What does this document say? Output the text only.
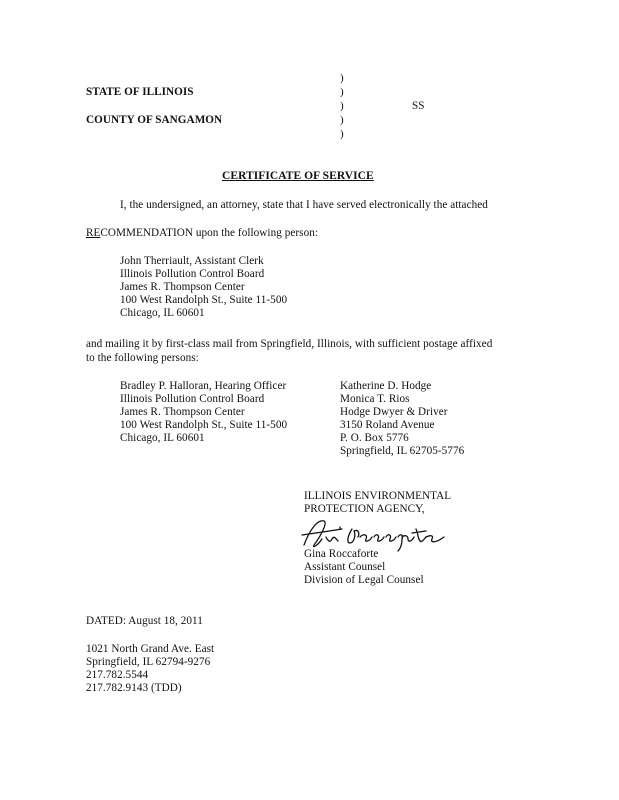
)
)
)
)
)
STATE OF ILLINOIS
COUNTY OF SANGAMON
SS
CERTIFICATE OF SERVICE
I, the undersigned, an attorney, state that I have served electronically the attached
RECOMMENDATION upon the following person:
John Therriault, Assistant Clerk
Illinois Pollution Control Board
James R. Thompson Center
100 West Randolph St., Suite 11-500
Chicago, IL 60601
and mailing it by first-class mail from Springfield, Illinois, with sufficient postage affixed
to the following persons:
Bradley P. Halloran, Hearing Officer
Illinois Pollution Control Board
James R. Thompson Center
100 West Randolph St., Suite 11-500
Chicago, IL 60601
Katherine D. Hodge
Monica T. Rios
Hodge Dwyer & Driver
3150 Roland Avenue
P. O. Box 5776
Springfield, IL 62705-5776
ILLINOIS ENVIRONMENTAL
PROTECTION AGENCY,
Gina Roccaforte
Assistant Counsel
Division of Legal Counsel
DATED: August 18, 2011
1021 North Grand Ave. East
Springfield, IL 62794-9276
217.782.5544
217.782.9143 (TDD)
